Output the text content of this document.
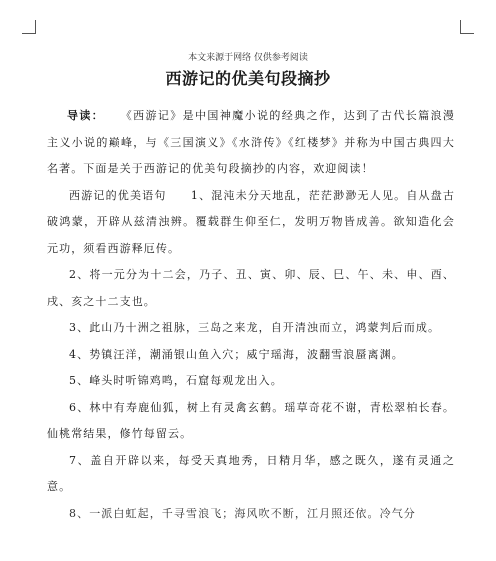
本文来源于网络 仅供参考阅读
西游记的优美句段摘抄

导读： 《西游记》是中国神魔小说的经典之作，达到了古代长篇浪漫主义小说的巅峰，与《三国演义》《水浒传》《红楼梦》并称为中国古典四大名著。下面是关于西游记的优美句段摘抄的内容，欢迎阅读！

西游记的优美语句　　1、混沌未分天地乱，茫茫渺渺无人见。自从盘古破鸿蒙，开辟从兹清浊辨。覆载群生仰至仁，发明万物皆成善。欲知造化会元功，须看西游释厄传。

2、将一元分为十二会，乃子、丑、寅、卯、辰、巳、午、未、申、酉、戌、亥之十二支也。

3、此山乃十洲之祖脉，三岛之来龙，自开清浊而立，鸿蒙判后而成。

4、势镇汪洋，潮涌银山鱼入穴；威宁瑶海，波翻雪浪蜃离渊。

5、峰头时听锦鸡鸣，石窟每观龙出入。

6、林中有寿鹿仙狐，树上有灵禽玄鹤。瑶草奇花不谢，青松翠柏长春。仙桃常结果，修竹每留云。

7、盖自开辟以来，每受天真地秀，日精月华，感之既久，遂有灵通之意。

8、一派白虹起，千寻雪浪飞；海风吹不断，江月照还依。冷气分
